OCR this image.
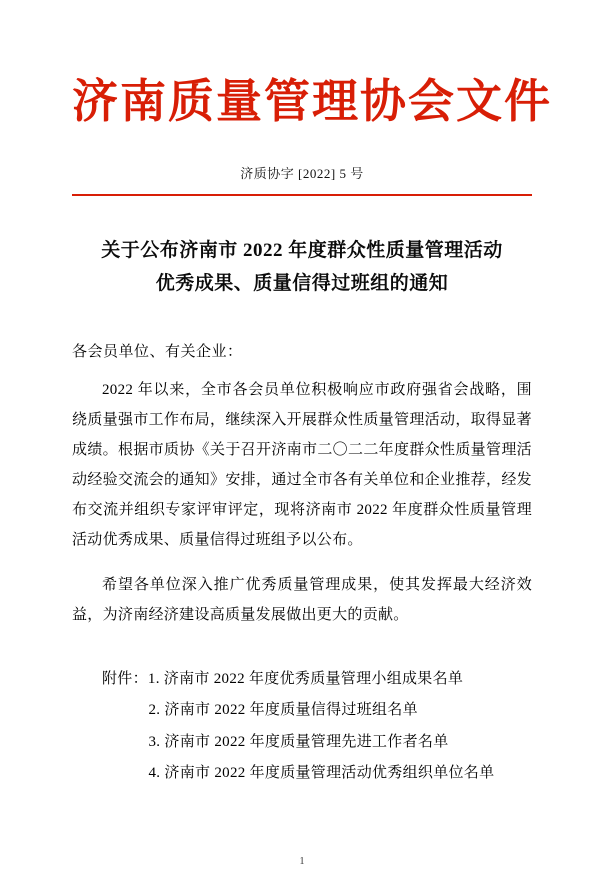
济南质量管理协会文件
济质协字 [2022] 5 号
关于公布济南市 2022 年度群众性质量管理活动
优秀成果、质量信得过班组的通知
各会员单位、有关企业：

2022 年以来，全市各会员单位积极响应市政府强省会战略，围绕质量强市工作布局，继续深入开展群众性质量管理活动，取得显著成绩。根据市质协《关于召开济南市二〇二二年度群众性质量管理活动经验交流会的通知》安排，通过全市各有关单位和企业推荐，经发布交流并组织专家评审评定，现将济南市 2022 年度群众性质量管理活动优秀成果、质量信得过班组予以公布。

希望各单位深入推广优秀质量管理成果，使其发挥最大经济效益，为济南经济建设高质量发展做出更大的贡献。

附件：1. 济南市 2022 年度优秀质量管理小组成果名单
2. 济南市 2022 年度质量信得过班组名单
3. 济南市 2022 年度质量管理先进工作者名单
4. 济南市 2022 年度质量管理活动优秀组织单位名单
1
